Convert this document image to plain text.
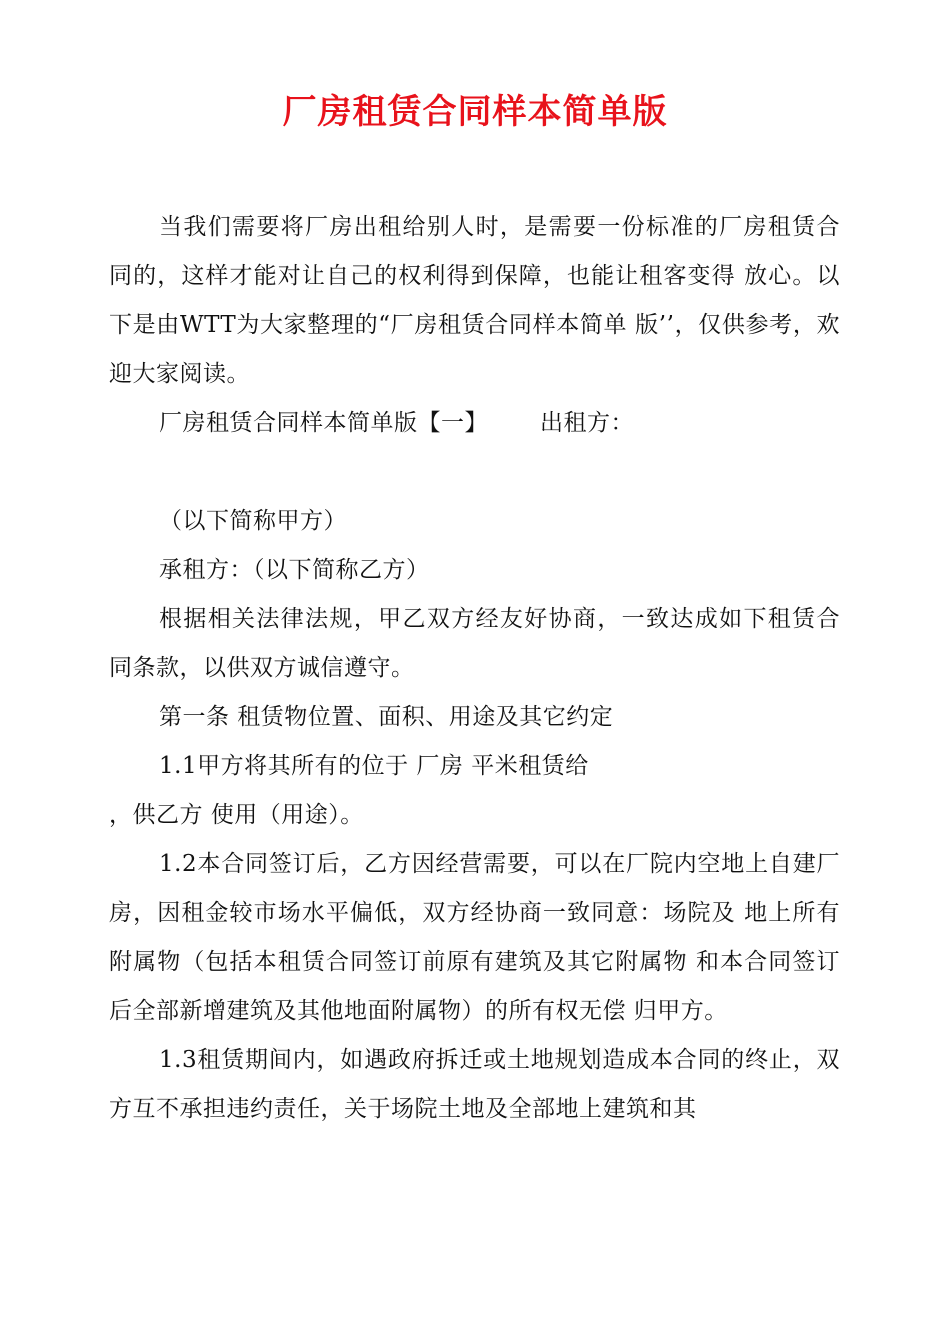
厂房租赁合同样本简单版

当我们需要将厂房出租给别人时，是需要一份标准的厂房租赁合同的，这样才能对让自己的权利得到保障，也能让租客变得 放心。以下是由WTT为大家整理的“厂房租赁合同样本简单 版’’，仅供参考，欢迎大家阅读。

厂房租赁合同样本简单版【一】 出租方：

（以下简称甲方）

承租方：（以下简称乙方）

根据相关法律法规，甲乙双方经友好协商，一致达成如下租赁合同条款，以供双方诚信遵守。

第一条 租赁物位置、面积、用途及其它约定

1.1甲方将其所有的位于 厂房 平米租赁给

，供乙方 使用（用途）。

1.2本合同签订后，乙方因经营需要，可以在厂院内空地上自建厂房，因租金较市场水平偏低，双方经协商一致同意：场院及 地上所有附属物（包括本租赁合同签订前原有建筑及其它附属物 和本合同签订后全部新增建筑及其他地面附属物）的所有权无偿 归甲方。

1.3租赁期间内，如遇政府拆迁或土地规划造成本合同的终止，双方互不承担违约责任，关于场院土地及全部地上建筑和其
